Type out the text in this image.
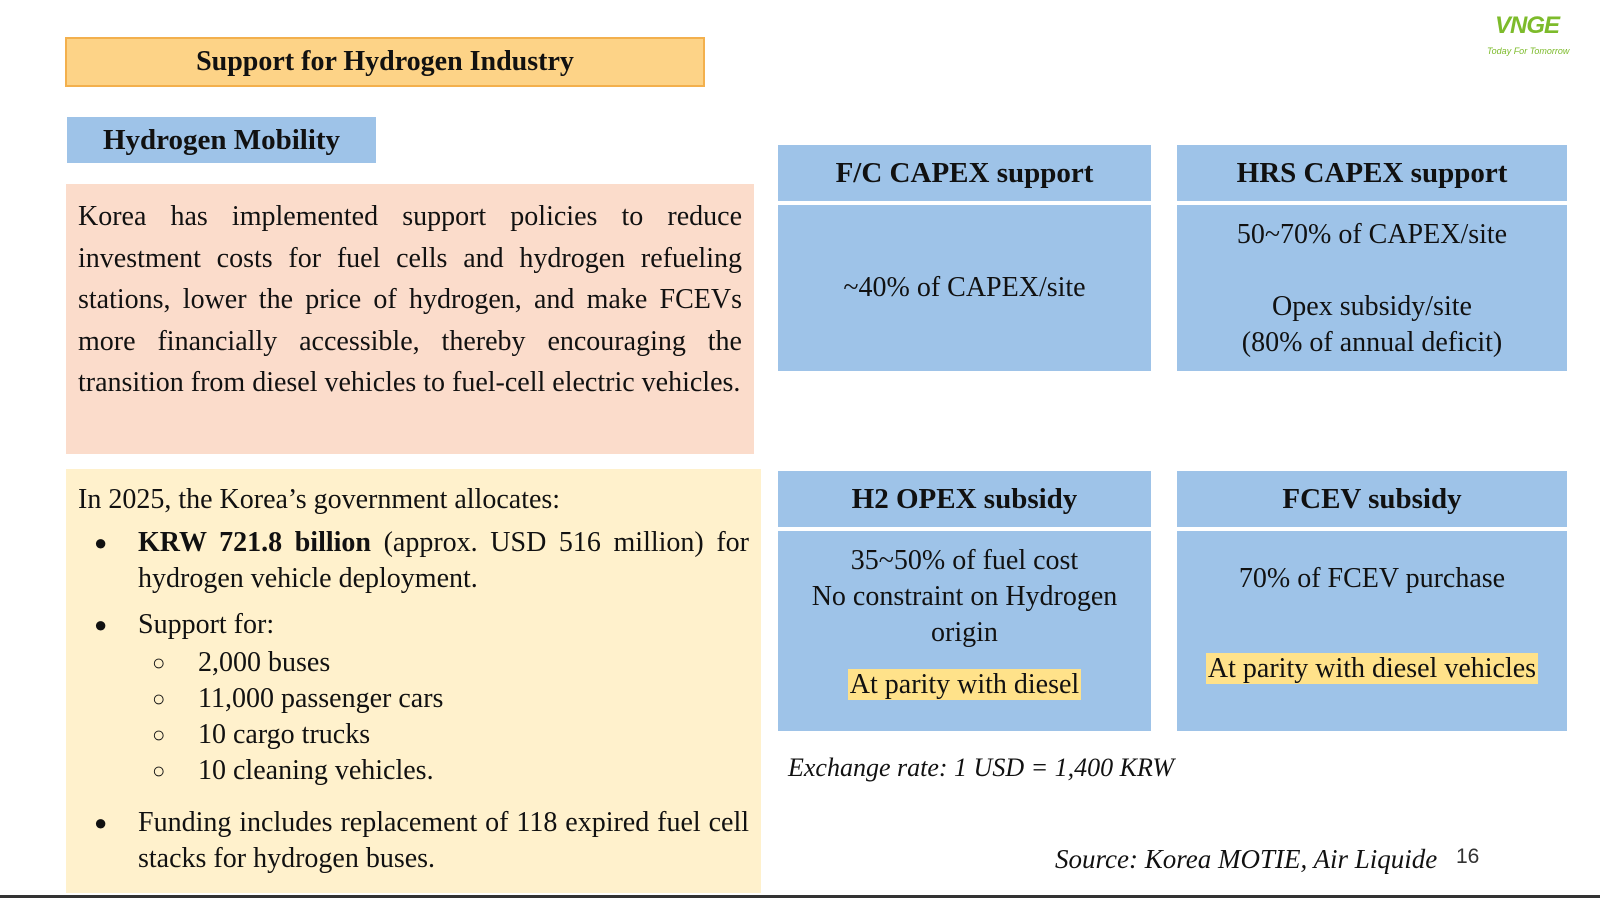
VNGE
Today For Tomorrow
Support for Hydrogen Industry
Hydrogen Mobility
Korea has implemented support policies to reduce investment costs for fuel cells and hydrogen refueling stations, lower the price of hydrogen, and make FCEVs more financially accessible, thereby encouraging the transition from diesel vehicles to fuel-cell electric vehicles.
In 2025, the Korea’s government allocates:
● KRW 721.8 billion (approx. USD 516 million) for hydrogen vehicle deployment.
● Support for:
○ 2,000 buses
○ 11,000 passenger cars
○ 10 cargo trucks
○ 10 cleaning vehicles.
● Funding includes replacement of 118 expired fuel cell stacks for hydrogen buses.
F/C CAPEX support
~40% of CAPEX/site
HRS CAPEX support
50~70% of CAPEX/site
Opex subsidy/site
(80% of annual deficit)
H2 OPEX subsidy
35~50% of fuel cost
No constraint on Hydrogen origin
At parity with diesel
FCEV subsidy
70% of FCEV purchase
At parity with diesel vehicles
Exchange rate: 1 USD = 1,400 KRW
Source: Korea MOTIE, Air Liquide 16
